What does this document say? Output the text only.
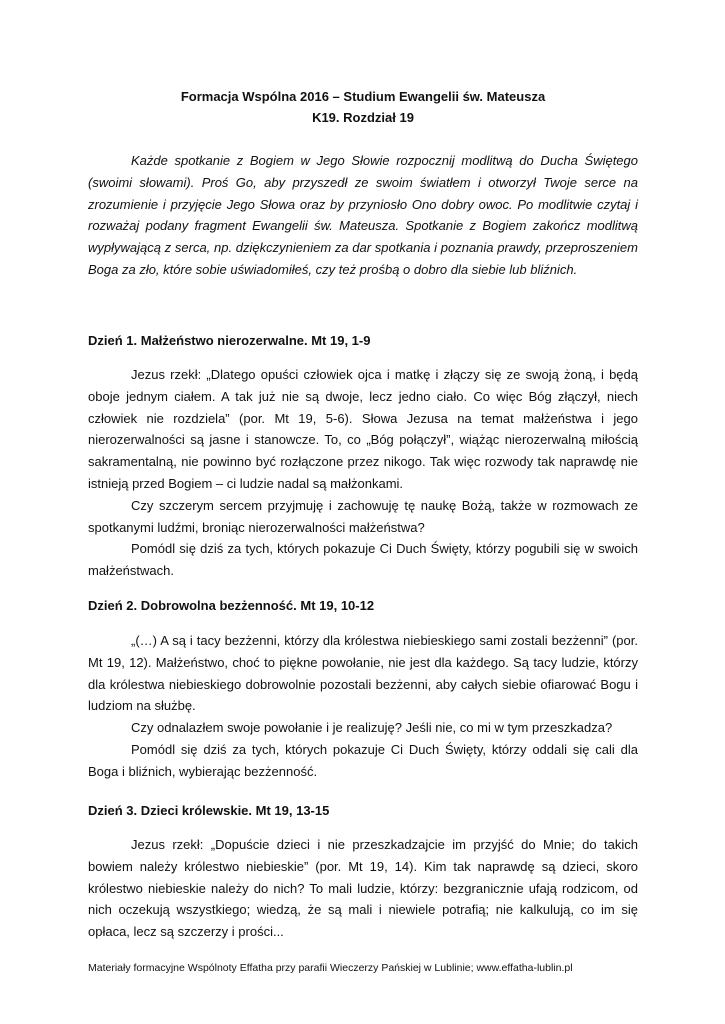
Formacja Wspólna 2016 – Studium Ewangelii św. Mateusza
K19. Rozdział 19

Każde spotkanie z Bogiem w Jego Słowie rozpocznij modlitwą do Ducha Świętego (swoimi słowami). Proś Go, aby przyszedł ze swoim światłem i otworzył Twoje serce na zrozumienie i przyjęcie Jego Słowa oraz by przyniosło Ono dobry owoc. Po modlitwie czytaj i rozważaj podany fragment Ewangelii św. Mateusza. Spotkanie z Bogiem zakończ modlitwą wypływającą z serca, np. dziękczynieniem za dar spotkania i poznania prawdy, przeproszeniem Boga za zło, które sobie uświadomiłeś, czy też prośbą o dobro dla siebie lub bliźnich.

Dzień 1. Małżeństwo nierozerwalne. Mt 19, 1-9

Jezus rzekł: „Dlatego opuści człowiek ojca i matkę i złączy się ze swoją żoną, i będą oboje jednym ciałem. A tak już nie są dwoje, lecz jedno ciało. Co więc Bóg złączył, niech człowiek nie rozdziela” (por. Mt 19, 5-6). Słowa Jezusa na temat małżeństwa i jego nierozerwalności są jasne i stanowcze. To, co „Bóg połączył”, wiążąc nierozerwalną miłością sakramentalną, nie powinno być rozłączone przez nikogo. Tak więc rozwody tak naprawdę nie istnieją przed Bogiem – ci ludzie nadal są małżonkami.

Czy szczerym sercem przyjmuję i zachowuję tę naukę Bożą, także w rozmowach ze spotkanymi ludźmi, broniąc nierozerwalności małżeństwa?

Pomódl się dziś za tych, których pokazuje Ci Duch Święty, którzy pogubili się w swoich małżeństwach.

Dzień 2. Dobrowolna bezżenność. Mt 19, 10-12

„(…) A są i tacy bezżenni, którzy dla królestwa niebieskiego sami zostali bezżenni” (por. Mt 19, 12). Małżeństwo, choć to piękne powołanie, nie jest dla każdego. Są tacy ludzie, którzy dla królestwa niebieskiego dobrowolnie pozostali bezżenni, aby całych siebie ofiarować Bogu i ludziom na służbę.

Czy odnalazłem swoje powołanie i je realizuję? Jeśli nie, co mi w tym przeszkadza?

Pomódl się dziś za tych, których pokazuje Ci Duch Święty, którzy oddali się cali dla Boga i bliźnich, wybierając bezżenność.

Dzień 3. Dzieci królewskie. Mt 19, 13-15

Jezus rzekł: „Dopuście dzieci i nie przeszkadzajcie im przyjść do Mnie; do takich bowiem należy królestwo niebieskie” (por. Mt 19, 14). Kim tak naprawdę są dzieci, skoro królestwo niebieskie należy do nich? To mali ludzie, którzy: bezgranicznie ufają rodzicom, od nich oczekują wszystkiego; wiedzą, że są mali i niewiele potrafią; nie kalkulują, co im się opłaca, lecz są szczerzy i prości...

Materiały formacyjne Wspólnoty Effatha przy parafii Wieczerzy Pańskiej w Lublinie; www.effatha-lublin.pl
